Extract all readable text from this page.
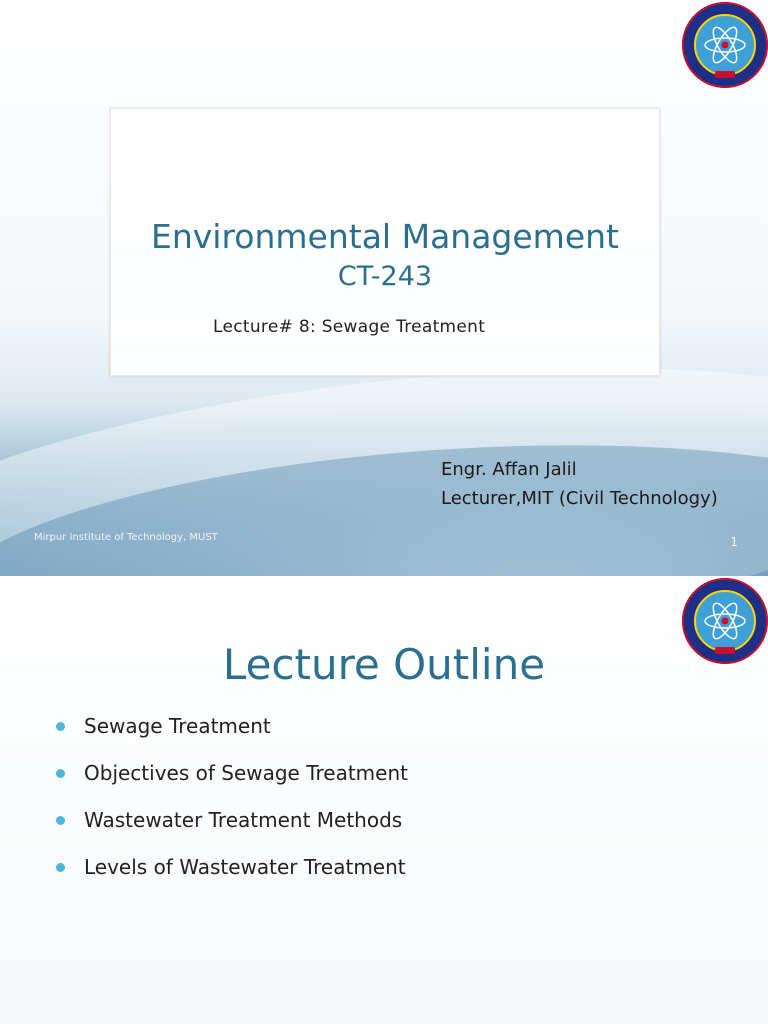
Environmental Management
CT-243
Lecture# 8: Sewage Treatment
Engr. Affan Jalil
Lecturer,MIT (Civil Technology)
Mirpur Institute of Technology, MUST	1
Lecture Outline
Sewage Treatment
Objectives of Sewage Treatment
Wastewater Treatment Methods
Levels of Wastewater Treatment
